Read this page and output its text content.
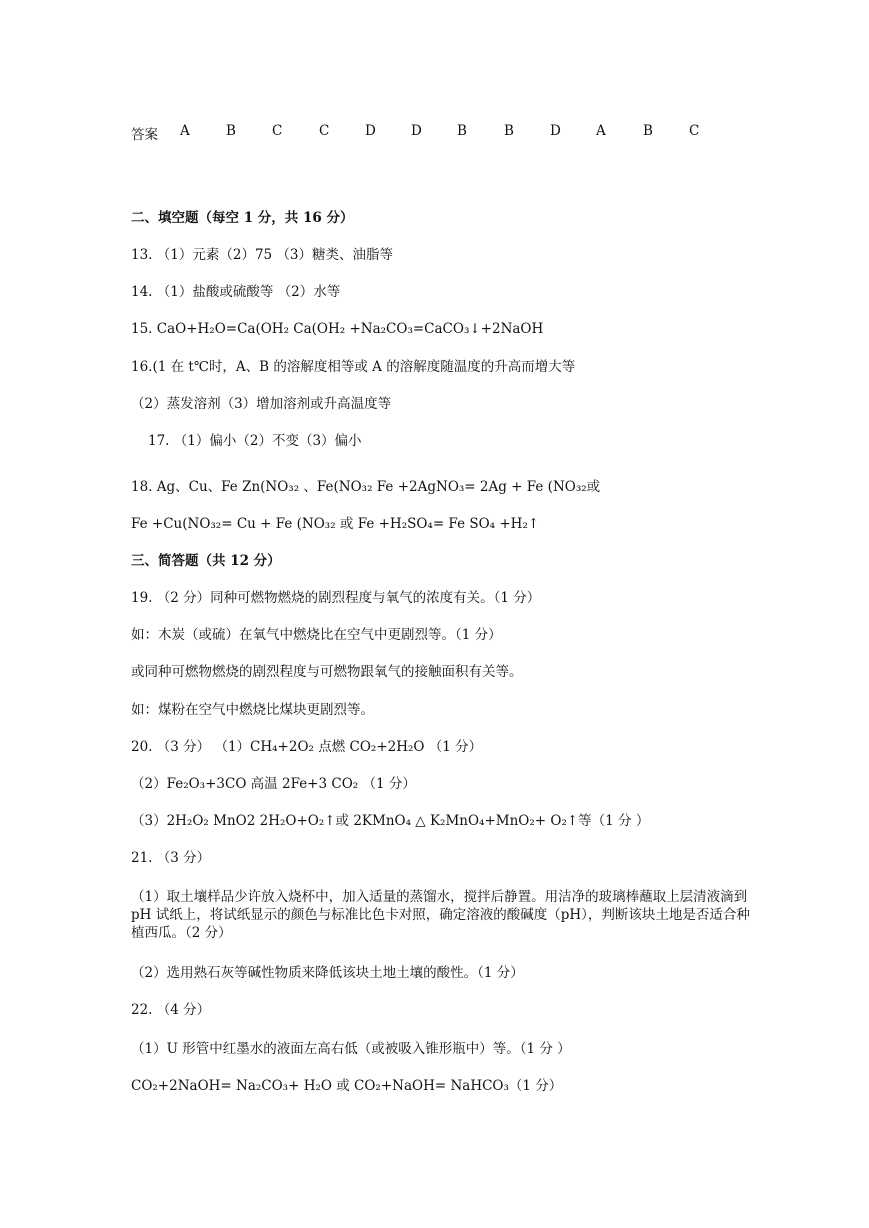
答案 A	B	C	C	D	D	B	B	D	A	B	C
二、填空题（每空 1 分，共 16 分）
13. （1）元素（2）75 （3）糖类、油脂等
14. （1）盐酸或硫酸等 （2）水等
15. CaO+H₂O=Ca(OH₂ Ca(OH₂ +Na₂CO₃=CaCO₃↓+2NaOH
16.(1 在 t℃时，A、B 的溶解度相等或 A 的溶解度随温度的升高而增大等
（2）蒸发溶剂（3）增加溶剂或升高温度等
17. （1）偏小（2）不变（3）偏小
18. Ag、Cu、Fe Zn(NO₃₂ 、Fe(NO₃₂ Fe +2AgNO₃= 2Ag + Fe (NO₃₂或
Fe +Cu(NO₃₂= Cu + Fe (NO₃₂ 或 Fe +H₂SO₄= Fe SO₄ +H₂↑
三、简答题（共 12 分）
19. （2 分）同种可燃物燃烧的剧烈程度与氧气的浓度有关。（1 分）
如：木炭（或硫）在氧气中燃烧比在空气中更剧烈等。（1 分）
或同种可燃物燃烧的剧烈程度与可燃物跟氧气的接触面积有关等。
如：煤粉在空气中燃烧比煤块更剧烈等。
20. （3 分） （1）CH₄+2O₂ 点燃 CO₂+2H₂O （1 分）
（2）Fe₂O₃+3CO 高温 2Fe+3 CO₂ （1 分）
（3）2H₂O₂ MnO2 2H₂O+O₂↑或 2KMnO₄ △ K₂MnO₄+MnO₂+ O₂↑等（1 分 ）
21. （3 分）
（1）取土壤样品少许放入烧杯中，加入适量的蒸馏水，搅拌后静置。用洁净的玻璃棒蘸取上层清液滴到 pH 试纸上，将试纸显示的颜色与标准比色卡对照，确定溶液的酸碱度（pH），判断该块土地是否适合种植西瓜。（2 分）
（2）选用熟石灰等碱性物质来降低该块土地土壤的酸性。（1 分）
22. （4 分）
（1）U 形管中红墨水的液面左高右低（或被吸入锥形瓶中）等。（1 分 ）
CO₂+2NaOH= Na₂CO₃+ H₂O 或 CO₂+NaOH= NaHCO₃（1 分）
